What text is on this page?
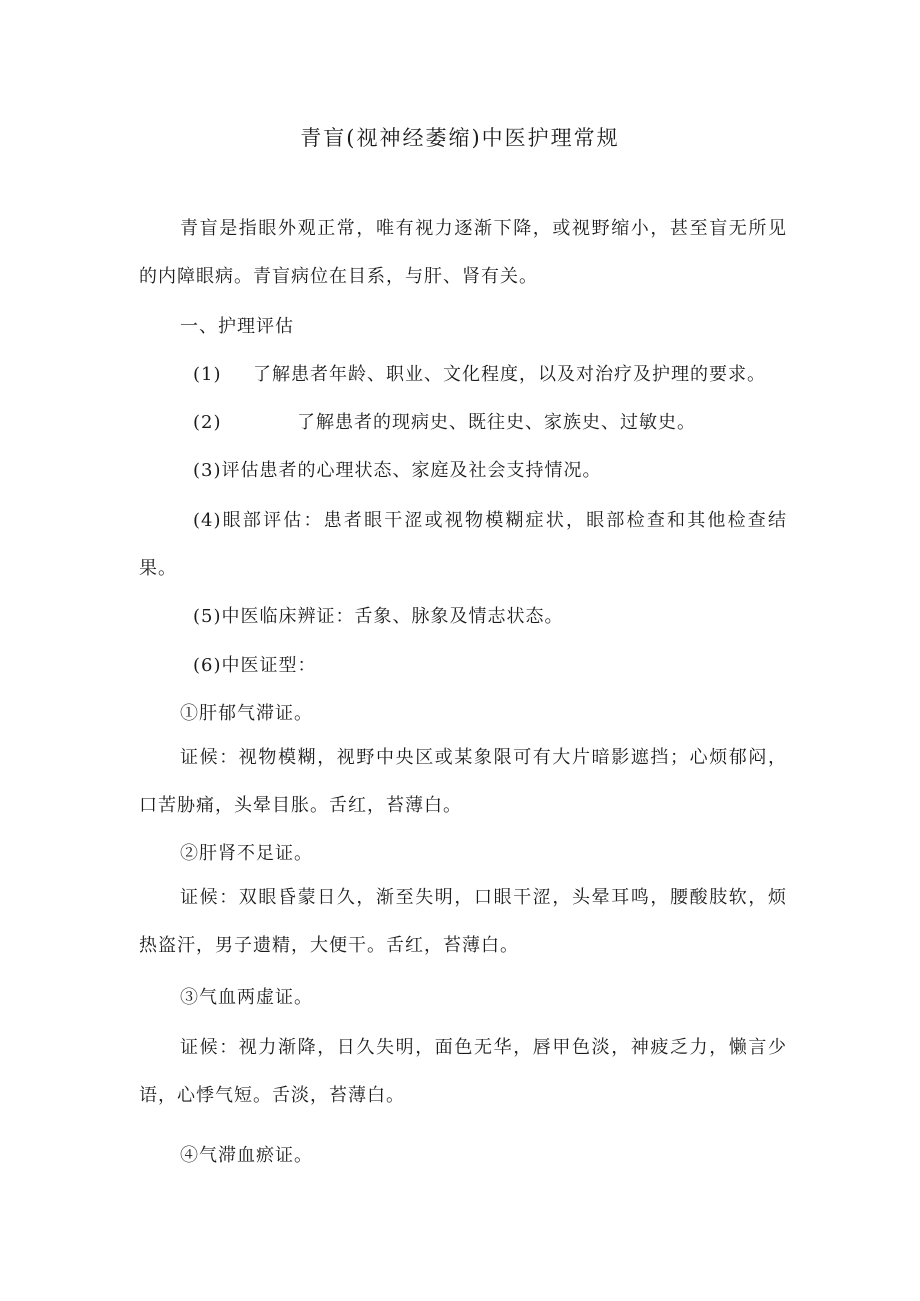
青盲(视神经萎缩)中医护理常规

青盲是指眼外观正常，唯有视力逐渐下降，或视野缩小，甚至盲无所见的内障眼病。青盲病位在目系，与肝、肾有关。

一、护理评估

(1) 了解患者年龄、职业、文化程度，以及对治疗及护理的要求。

(2)	了解患者的现病史、既往史、家族史、过敏史。

(3)评估患者的心理状态、家庭及社会支持情况。

(4)眼部评估：患者眼干涩或视物模糊症状，眼部检查和其他检查结果。

(5)中医临床辨证：舌象、脉象及情志状态。

(6)中医证型：

①肝郁气滞证。

证候：视物模糊，视野中央区或某象限可有大片暗影遮挡；心烦郁闷，口苦胁痛，头晕目胀。舌红，苔薄白。

②肝肾不足证。

证候：双眼昏蒙日久，渐至失明，口眼干涩，头晕耳鸣，腰酸肢软，烦热盗汗，男子遗精，大便干。舌红，苔薄白。

③气血两虚证。

证候：视力渐降，日久失明，面色无华，唇甲色淡，神疲乏力，懒言少语，心悸气短。舌淡，苔薄白。

④气滞血瘀证。
